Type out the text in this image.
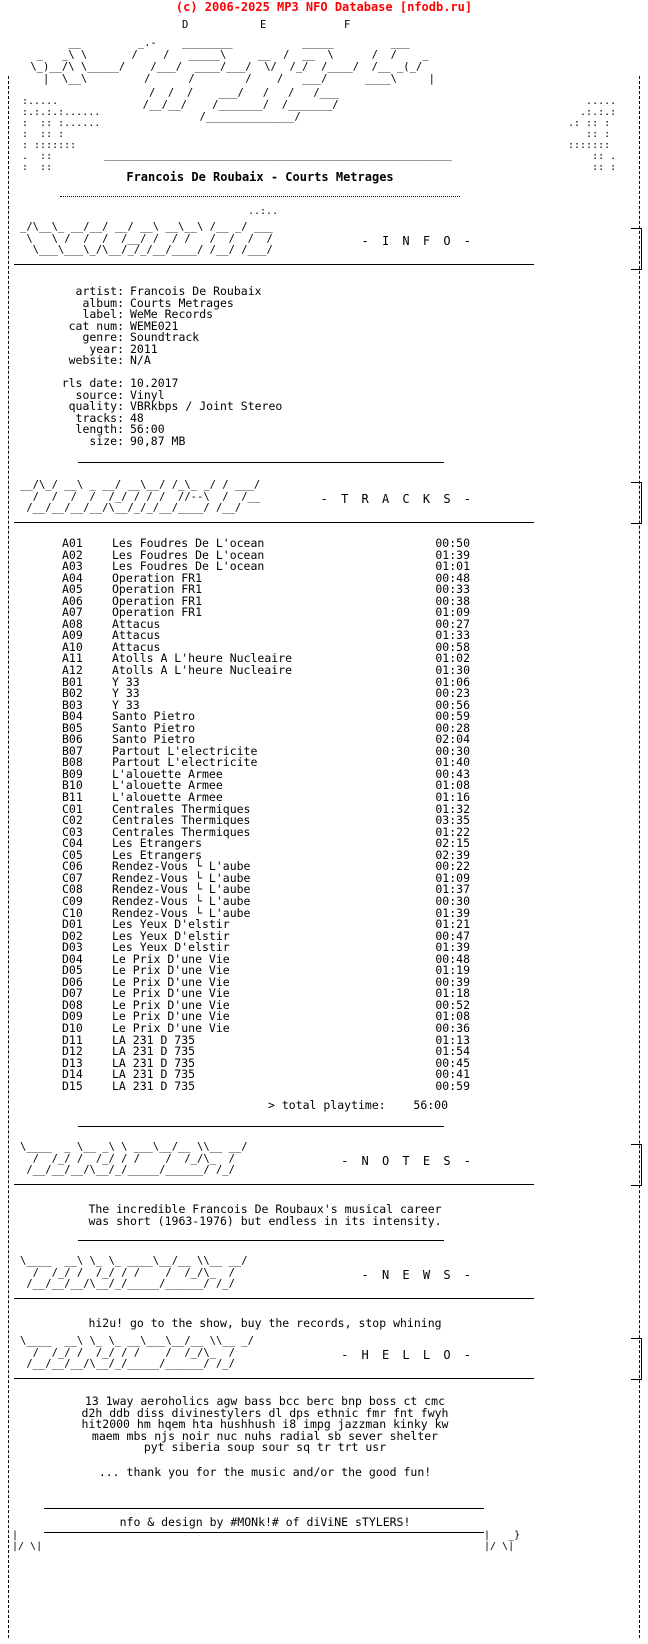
(c) 2006-2025 MP3 NFO Database [nfodb.ru]
D	E	F
__         _.-    ________           _____         ___
_   _\ \       /    /   _____\     __  /  __  \      /  /    _
\_)__/\ \_____/    /___/  ____/___/  \/  /_/  /____/  /__ _(_/
|  \__\         /      /        /    /   ___/      ____\     |
/  /  /    ___/   /   /   /___
/__/__/    /_______/  /_______/
/______________/
_______________________________________________________
:.....
:.:.:.:......
:  :: :......
:  :: :
: :::::::
.  ::
:  ::
.....
.:.:.:
.: :: :
:: :
:::::::
:: .
:: :
Francois De Roubaix - Courts Metrages
..:..
_/\__\_ __/__/ __/ __\ __\__\ /__ _/ ___
\   \ /  /  /  /__/ /  / /   /  /  /  /
\___\___\_/\__/_/_/__/____/ /__/ /___/
- I N F O -
artist: Francois De Roubaix
album: Courts Metrages
label: WeMe Records
cat num: WEME021
genre: Soundtrack
year: 2011
website: N/A
rls date: 10.2017
source: Vinyl
quality: VBRkbps / Joint Stereo
tracks: 48
length: 56:00
size: 90,87 MB
__/\_/ __\ _ __/ __\__/ /_\_ _/ / ___/
/  /  /  /  /_/ / / /  //--\  /  /__
/__/__/__/__/\__/_/_/__/____/ /__/
- T R A C K S -
A01	Les Foudres De L'ocean	00:50
A02	Les Foudres De L'ocean	01:39
A03	Les Foudres De L'ocean	01:01
A04	Operation FR1	00:48
A05	Operation FR1	00:33
A06	Operation FR1	00:38
A07	Operation FR1	01:09
A08	Attacus	00:27
A09	Attacus	01:33
A10	Attacus	00:58
A11	Atolls A L'heure Nucleaire	01:02
A12	Atolls A L'heure Nucleaire	01:30
B01	Y 33	01:06
B02	Y 33	00:23
B03	Y 33	00:56
B04	Santo Pietro	00:59
B05	Santo Pietro	00:28
B06	Santo Pietro	02:04
B07	Partout L'electricite	00:30
B08	Partout L'electricite	01:40
B09	L'alouette Armee	00:43
B10	L'alouette Armee	01:08
B11	L'alouette Armee	01:16
C01	Centrales Thermiques	01:32
C02	Centrales Thermiques	03:35
C03	Centrales Thermiques	01:22
C04	Les Etrangers	02:15
C05	Les Etrangers	02:39
C06	Rendez-Vous └ L'aube	00:22
C07	Rendez-Vous └ L'aube	01:09
C08	Rendez-Vous └ L'aube	01:37
C09	Rendez-Vous └ L'aube	00:30
C10	Rendez-Vous └ L'aube	01:39
D01	Les Yeux D'elstir	01:21
D02	Les Yeux D'elstir	00:47
D03	Les Yeux D'elstir	01:39
D04	Le Prix D'une Vie	00:48
D05	Le Prix D'une Vie	01:19
D06	Le Prix D'une Vie	00:39
D07	Le Prix D'une Vie	01:18
D08	Le Prix D'une Vie	00:52
D09	Le Prix D'une Vie	01:08
D10	Le Prix D'une Vie	00:36
D11	LA 231 D 735	01:13
D12	LA 231 D 735	01:54
D13	LA 231 D 735	00:45
D14	LA 231 D 735	00:41
D15	LA 231 D 735	00:59
> total playtime: 56:00
\____  _ \__ _\ \ ___\__/__ \\__ __/
/  /_/ /  /_/ / /    /  /_/\_  /
/__/__/__/\__/_/_____/______/ /_/
- N O T E S -
The incredible Francois De Roubaux's musical career
was short (1963-1976) but endless in its intensity.
\____  __\ \_ \_ ____\__/__ \\__ __/
/  /_/ /  /_/ / /    /  /_/\_  /
/__/__/__/\__/_/_____/______/ /_/
- N E W S -
hi2u! go to the show, buy the records, stop whining
\____  __\ \_ \_ __\___\__/__ \\__ _/
/  /_/ /  /_/ / /    /  /_/\_  /
/__/__/__/\__/_/_____/______/ /_/
- H E L L O -
13 1way aeroholics agw bass bcc berc bnp boss ct cmc
d2h ddb diss divinestylers dl dps ethnic fmr fnt fwyh
hit2000 hm hqem hta hushhush i8 impg jazzman kinky kw
maem mbs njs noir nuc nuhs radial sb sever shelter
pyt siberia soup sour sq tr trt usr
... thank you for the music and/or the good fun!
nfo & design by #MONk!# of diViNE sTYLERS!
|
|/ \|
|   _}
|/ \|
